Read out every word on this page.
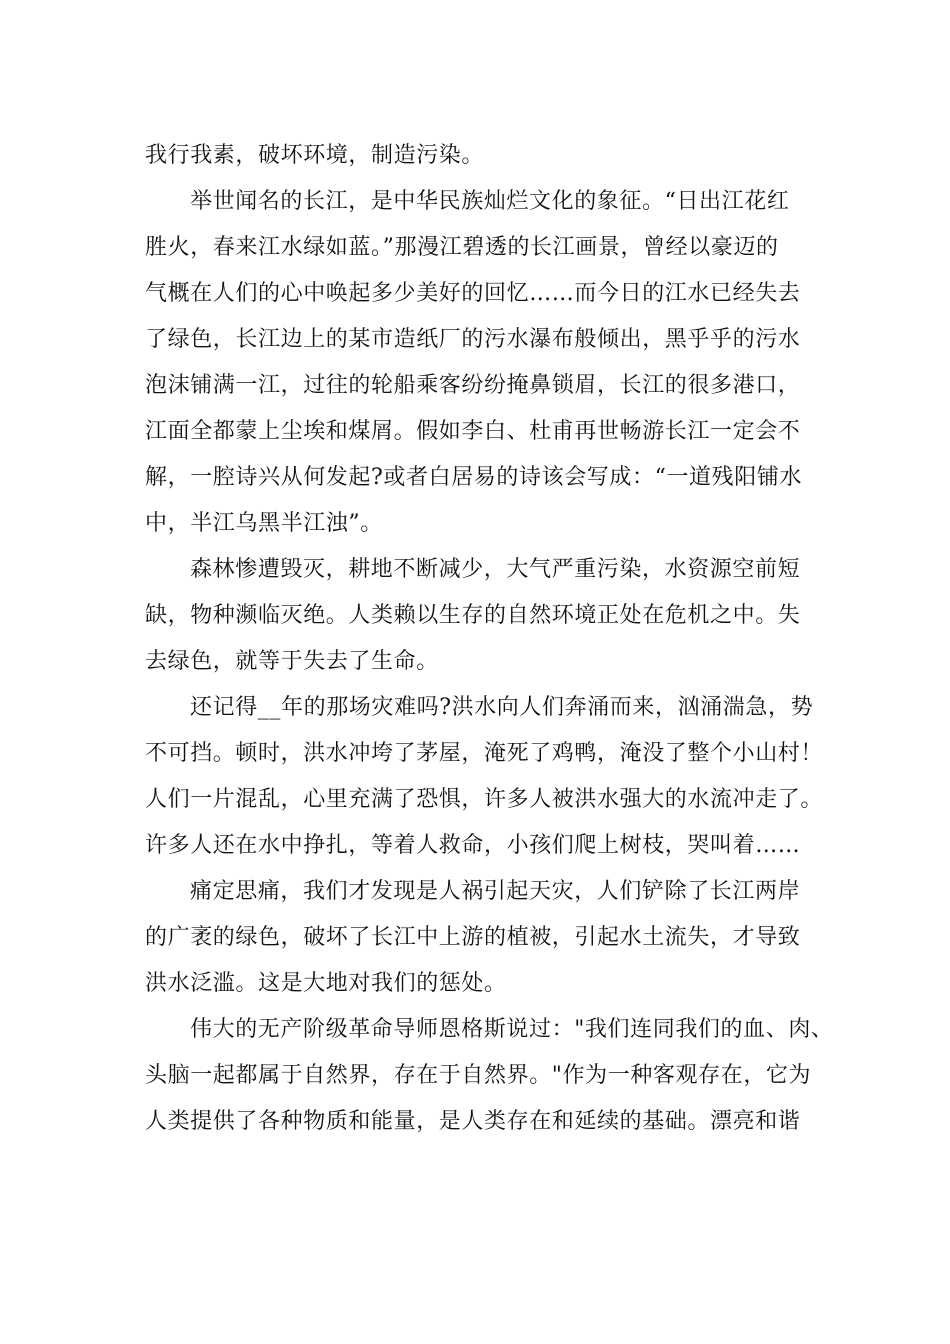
我行我素，破坏环境，制造污染。
举世闻名的长江，是中华民族灿烂文化的象征。“日出江花红
胜火，春来江水绿如蓝。”那漫江碧透的长江画景，曾经以豪迈的
气概在人们的心中唤起多少美好的回忆……而今日的江水已经失去
了绿色，长江边上的某市造纸厂的污水瀑布般倾出，黑乎乎的污水
泡沫铺满一江，过往的轮船乘客纷纷掩鼻锁眉，长江的很多港口，
江面全都蒙上尘埃和煤屑。假如李白、杜甫再世畅游长江一定会不
解，一腔诗兴从何发起?或者白居易的诗该会写成：“一道残阳铺水
中，半江乌黑半江浊”。
森林惨遭毁灭，耕地不断减少，大气严重污染，水资源空前短
缺，物种濒临灭绝。人类赖以生存的自然环境正处在危机之中。失
去绿色，就等于失去了生命。
还记得__年的那场灾难吗?洪水向人们奔涌而来，汹涌湍急，势
不可挡。顿时，洪水冲垮了茅屋，淹死了鸡鸭，淹没了整个小山村！
人们一片混乱，心里充满了恐惧，许多人被洪水强大的水流冲走了。
许多人还在水中挣扎，等着人救命，小孩们爬上树枝，哭叫着……
痛定思痛，我们才发现是人祸引起天灾，人们铲除了长江两岸
的广袤的绿色，破坏了长江中上游的植被，引起水土流失，才导致
洪水泛滥。这是大地对我们的惩处。
伟大的无产阶级革命导师恩格斯说过："我们连同我们的血、肉、
头脑一起都属于自然界，存在于自然界。"作为一种客观存在，它为
人类提供了各种物质和能量，是人类存在和延续的基础。漂亮和谐
